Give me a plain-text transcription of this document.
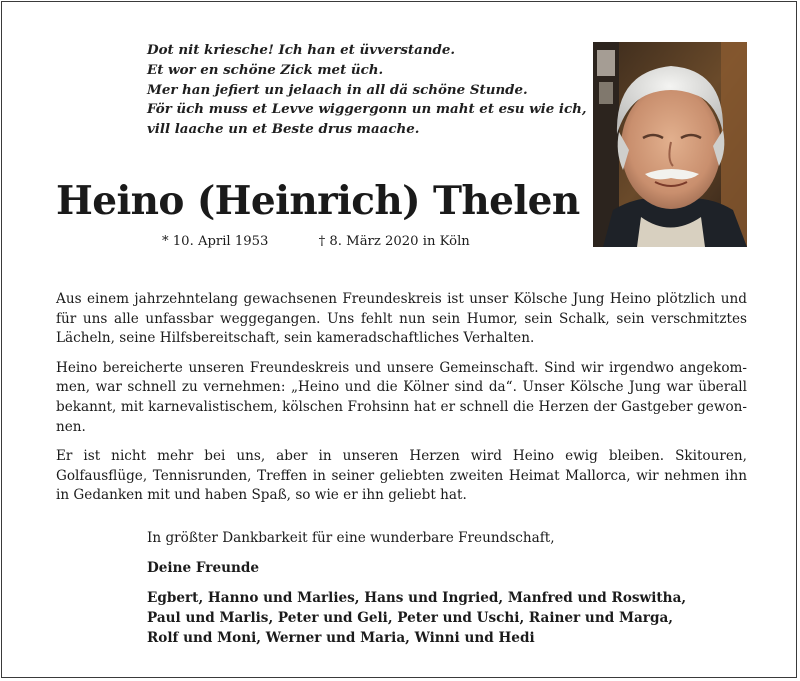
Dot nit kriesche! Ich han et üvverstande.
Et wor en schöne Zick met üch.
Mer han jefiert un jelaach in all dä schöne Stunde.
För üch muss et Levve wiggergonn un maht et esu wie ich,
vill laache un et Beste drus maache.
Heino (Heinrich) Thelen
* 10. April 1953	† 8. März 2020 in Köln

Aus einem jahrzehntelang gewachsenen Freundeskreis ist unser Kölsche Jung Heino plötzlich und für uns alle unfassbar weggegangen. Uns fehlt nun sein Humor, sein Schalk, sein verschmitztes Lächeln, seine Hilfsbereitschaft, sein kameradschaftliches Verhalten.

Heino bereicherte unseren Freundeskreis und unsere Gemeinschaft. Sind wir irgendwo angekommen, war schnell zu vernehmen: „Heino und die Kölner sind da“. Unser Kölsche Jung war überall bekannt, mit karnevalistischem, kölschen Frohsinn hat er schnell die Herzen der Gastgeber gewonnen.

Er ist nicht mehr bei uns, aber in unseren Herzen wird Heino ewig bleiben. Skitouren, Golfausflüge, Tennisrunden, Treffen in seiner geliebten zweiten Heimat Mallorca, wir nehmen ihn in Gedanken mit und haben Spaß, so wie er ihn geliebt hat.

In größter Dankbarkeit für eine wunderbare Freundschaft,

Deine Freunde

Egbert, Hanno und Marlies, Hans und Ingried, Manfred und Roswitha,
Paul und Marlis, Peter und Geli, Peter und Uschi, Rainer und Marga,
Rolf und Moni, Werner und Maria, Winni und Hedi
